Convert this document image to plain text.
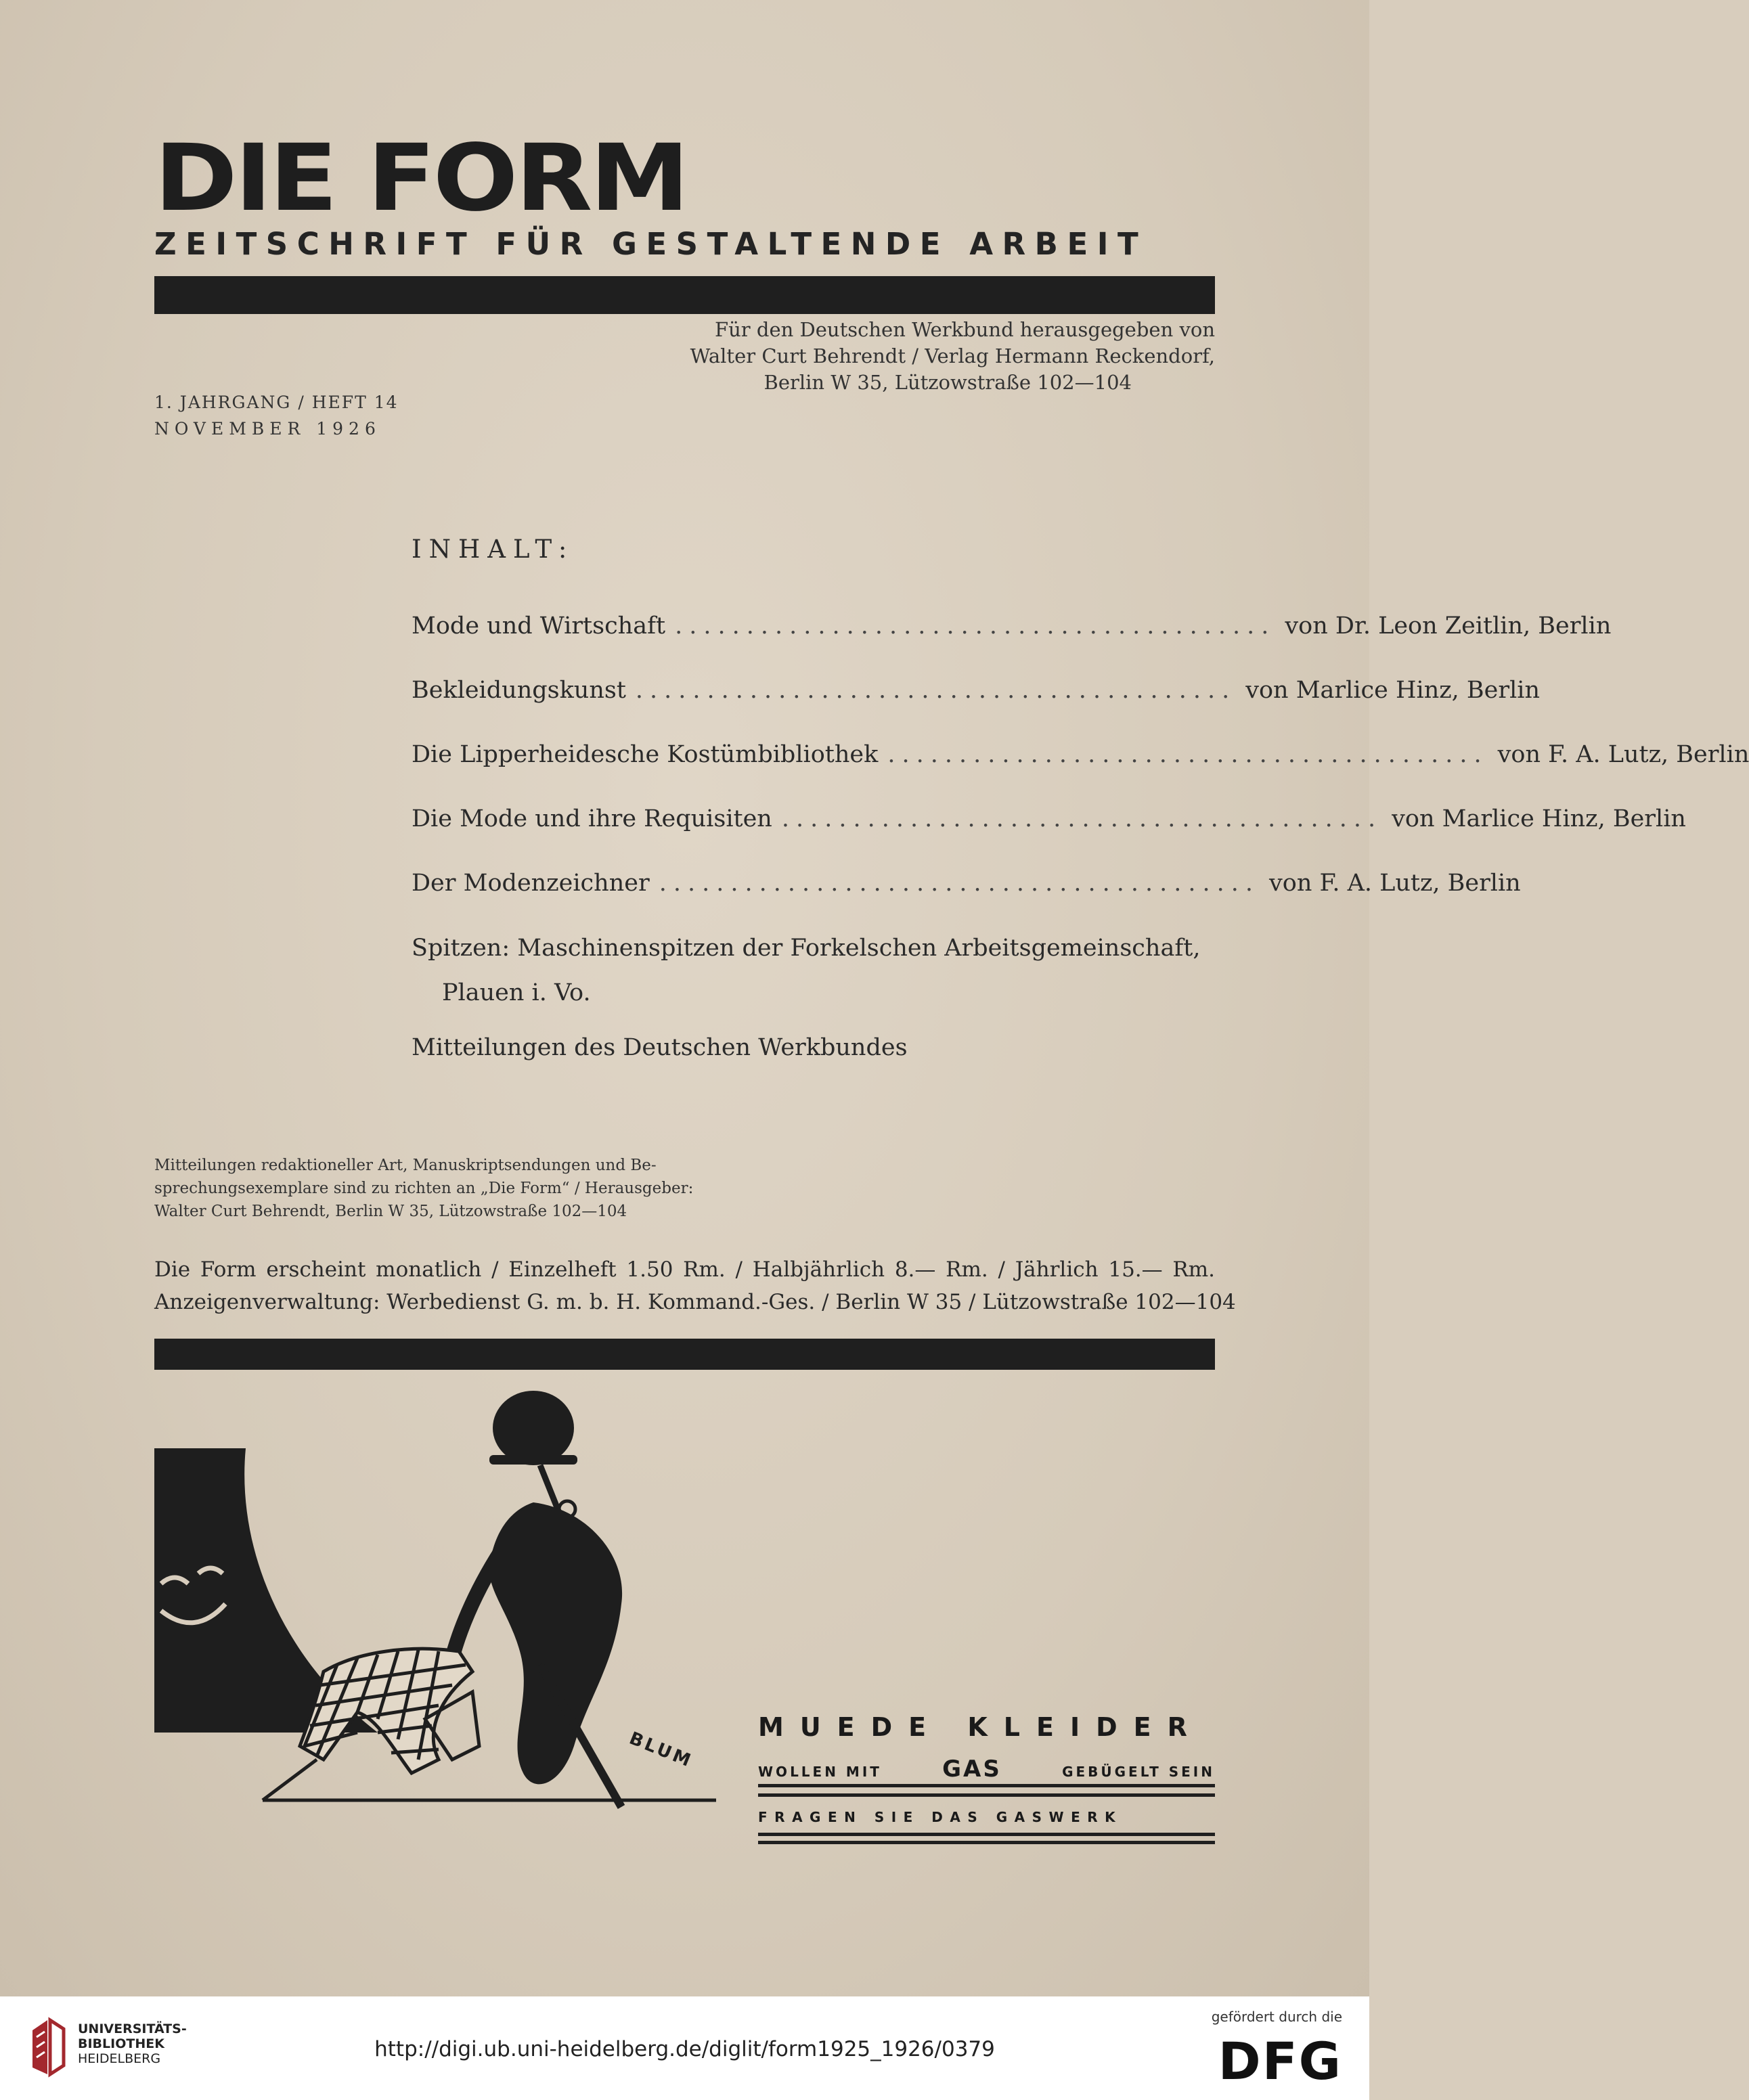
DIE FORM
ZEITSCHRIFT FÜR GESTALTENDE ARBEIT
Für den Deutschen Werkbund herausgegeben von
Walter Curt Behrendt / Verlag Hermann Reckendorf,
Berlin W 35, Lützowstraße 102—104
1. JAHRGANG / HEFT 14
NOVEMBER 1926
INHALT:
Mode und Wirtschaft .......................................... von Dr. Leon Zeitlin, Berlin
Bekleidungskunst .......................................... von Marlice Hinz, Berlin
Die Lipperheidesche Kostümbibliothek .......................................... von F. A. Lutz, Berlin
Die Mode und ihre Requisiten .......................................... von Marlice Hinz, Berlin
Der Modenzeichner .......................................... von F. A. Lutz, Berlin
Spitzen: Maschinenspitzen der Forkelschen Arbeitsgemeinschaft,
Plauen i. Vo.
Mitteilungen des Deutschen Werkbundes
Mitteilungen redaktioneller Art, Manuskriptsendungen und Be-
sprechungsexemplare sind zu richten an „Die Form“ / Herausgeber:
Walter Curt Behrendt, Berlin W 35, Lützowstraße 102—104
Die Form erscheint monatlich / Einzelheft 1.50 Rm. / Halbjährlich 8.— Rm. / Jährlich 15.— Rm.
Anzeigenverwaltung: Werbedienst G. m. b. H. Kommand.-Ges. / Berlin W 35 / Lützowstraße 102—104
BLUM
MUEDE KLEIDER
WOLLEN MIT	GAS	GEBÜGELT SEIN
FRAGEN SIE DAS GASWERK
UNIVERSITÄTS-
BIBLIOTHEK
HEIDELBERG	http://digi.ub.uni-heidelberg.de/diglit/form1925_1926/0379
gefördert durch die
DFG
